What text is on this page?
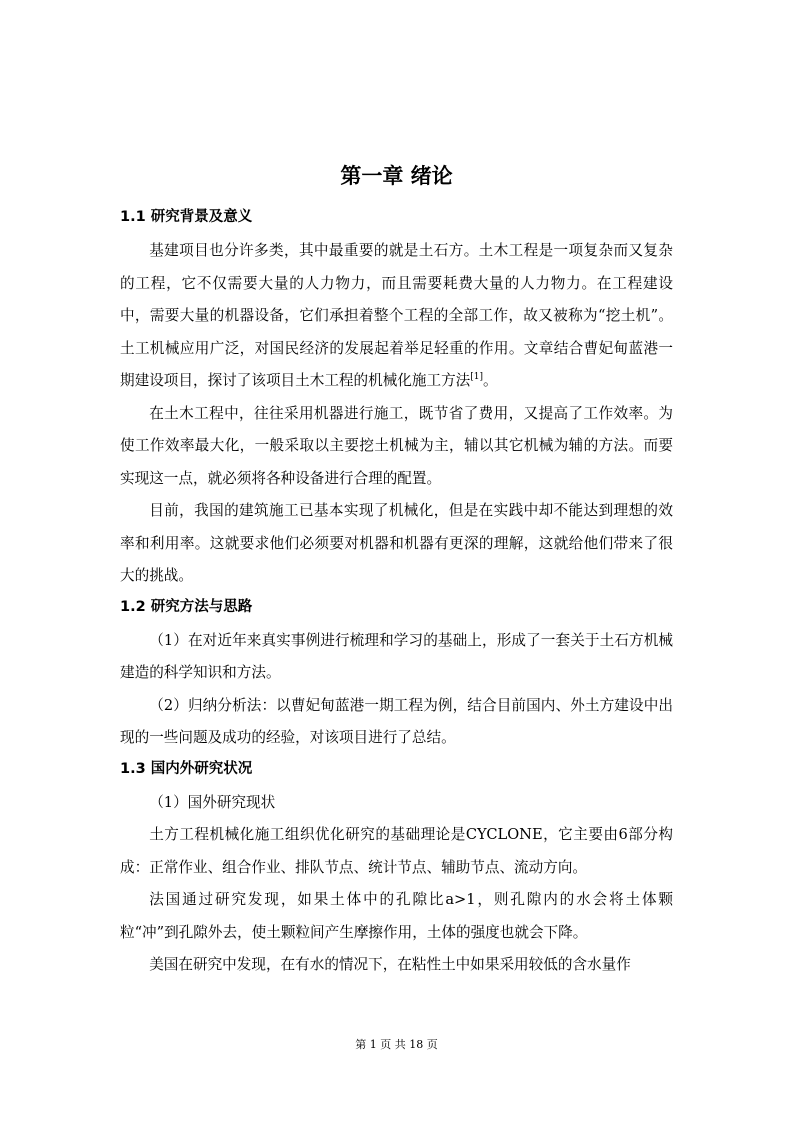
第一章 绪论
1.1 研究背景及意义

基建项目也分许多类，其中最重要的就是土石方。土木工程是一项复杂而又复杂的工程，它不仅需要大量的人力物力，而且需要耗费大量的人力物力。在工程建设中，需要大量的机器设备，它们承担着整个工程的全部工作，故又被称为“挖土机”。土工机械应用广泛，对国民经济的发展起着举足轻重的作用。文章结合曹妃甸蓝港一期建设项目，探讨了该项目土木工程的机械化施工方法[1]。

在土木工程中，往往采用机器进行施工，既节省了费用，又提高了工作效率。为使工作效率最大化，一般采取以主要挖土机械为主，辅以其它机械为辅的方法。而要实现这一点，就必须将各种设备进行合理的配置。

目前，我国的建筑施工已基本实现了机械化，但是在实践中却不能达到理想的效率和利用率。这就要求他们必须要对机器和机器有更深的理解，这就给他们带来了很大的挑战。

1.2 研究方法与思路

（1）在对近年来真实事例进行梳理和学习的基础上，形成了一套关于土石方机械建造的科学知识和方法。

（2）归纳分析法：以曹妃甸蓝港一期工程为例，结合目前国内、外土方建设中出现的一些问题及成功的经验，对该项目进行了总结。

1.3 国内外研究状况

（1）国外研究现状

土方工程机械化施工组织优化研究的基础理论是CYCLONE，它主要由6部分构成：正常作业、组合作业、排队节点、统计节点、辅助节点、流动方向。

法国通过研究发现，如果土体中的孔隙比a>1，则孔隙内的水会将土体颗粒“冲”到孔隙外去，使土颗粒间产生摩擦作用，土体的强度也就会下降。

美国在研究中发现，在有水的情况下，在粘性土中如果采用较低的含水量作

第 1 页 共 18 页
